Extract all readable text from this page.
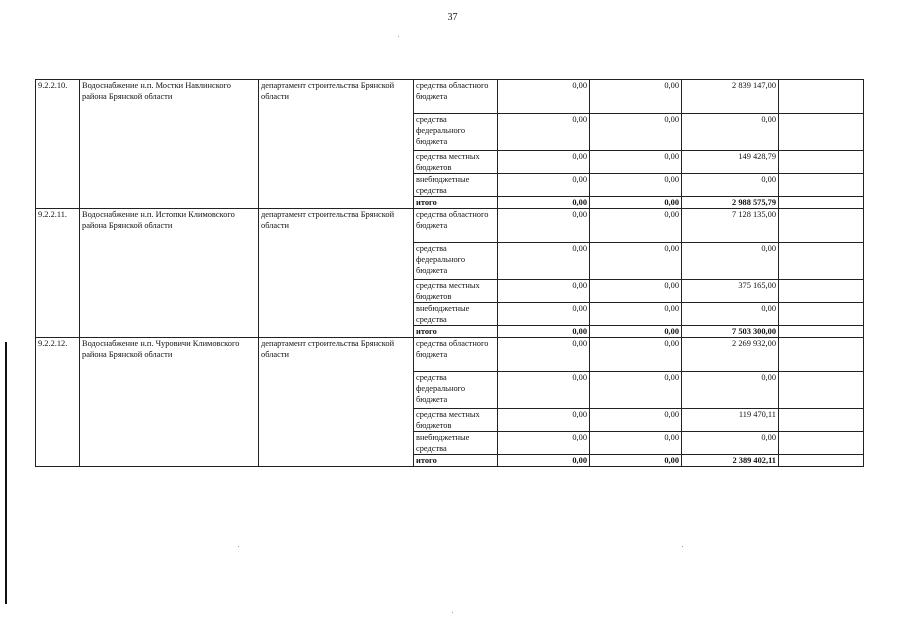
37
9.2.2.10.	Водоснабжение н.п. Мостки Навлинского района Брянской области	департамент строительства Брянской области	средства областного бюджета	0,00	0,00	2 839 147,00	
			средства федерального бюджета	0,00	0,00	0,00	
			средства местных бюджетов	0,00	0,00	149 428,79	
			внебюджетные средства	0,00	0,00	0,00	
			итого	0,00	0,00	2 988 575,79	
9.2.2.11.	Водоснабжение н.п. Истопки Климовского района Брянской области	департамент строительства Брянской области	средства областного бюджета	0,00	0,00	7 128 135,00	
			средства федерального бюджета	0,00	0,00	0,00	
			средства местных бюджетов	0,00	0,00	375 165,00	
			внебюджетные средства	0,00	0,00	0,00	
			итого	0,00	0,00	7 503 300,00	
9.2.2.12.	Водоснабжение н.п. Чуровичи Климовского района Брянской области	департамент строительства Брянской области	средства областного бюджета	0,00	0,00	2 269 932,00	
			средства федерального бюджета	0,00	0,00	0,00	
			средства местных бюджетов	0,00	0,00	119 470,11	
			внебюджетные средства	0,00	0,00	0,00	
			итого	0,00	0,00	2 389 402,11	
